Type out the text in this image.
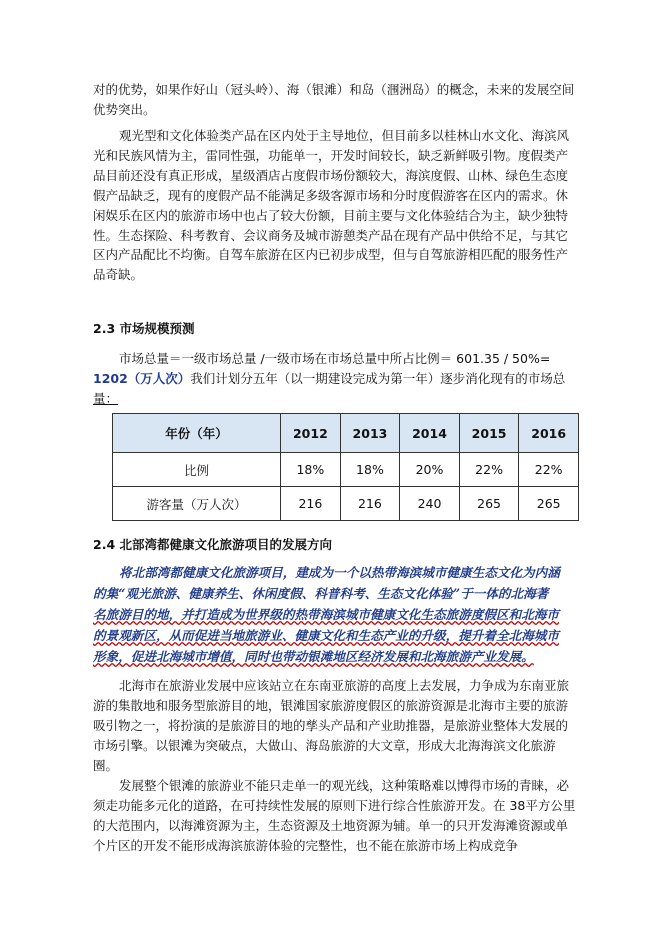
对的优势，如果作好山（冠头岭）、海（银滩）和岛（涠洲岛）的概念，未来的发展空间优势突出。

观光型和文化体验类产品在区内处于主导地位，但目前多以桂林山水文化、海滨风光和民族风情为主，雷同性强，功能单一，开发时间较长，缺乏新鲜吸引物。度假类产品目前还没有真正形成，星级酒店占度假市场份额较大，海滨度假、山林、绿色生态度假产品缺乏，现有的度假产品不能满足多级客源市场和分时度假游客在区内的需求。休闲娱乐在区内的旅游市场中也占了较大份额，目前主要与文化体验结合为主，缺少独特性。生态探险、科考教育、会议商务及城市游憩类产品在现有产品中供给不足，与其它区内产品配比不均衡。自驾车旅游在区内已初步成型，但与自驾旅游相匹配的服务性产品奇缺。

2.3 市场规模预测

市场总量＝一级市场总量 /一级市场在市场总量中所占比例＝ 601.35 / 50%=
1202（万人次）我们计划分五年（以一期建设完成为第一年）逐步消化现有的市场总
量：

年份（年）	2012	2013	2014	2015	2016
比例	18%	18%	20%	22%	22%
游客量（万人次）	216	216	240	265	265

2.4 北部湾都健康文化旅游项目的发展方向

将北部湾都健康文化旅游项目，建成为一个以热带海滨城市健康生态文化为内涵
的集“观光旅游、健康养生、休闲度假、科普科考、生态文化体验”于一体的北海著
名旅游目的地，并打造成为世界级的热带海滨城市健康文化生态旅游度假区和北海市
的景观新区，从而促进当地旅游业、健康文化和生态产业的升级，提升着全北海城市
形象，促进北海城市增值，同时也带动银滩地区经济发展和北海旅游产业发展。

北海市在旅游业发展中应该站立在东南亚旅游的高度上去发展，力争成为东南亚旅游的集散地和服务型旅游目的地，银滩国家旅游度假区的旅游资源是北海市主要的旅游吸引物之一，将扮演的是旅游目的地的孳头产品和产业助推器，是旅游业整体大发展的市场引擎。以银滩为突破点，大做山、海岛旅游的大文章，形成大北海海滨文化旅游圈。

发展整个银滩的旅游业不能只走单一的观光线，这种策略难以博得市场的青睐，必须走功能多元化的道路，在可持续性发展的原则下进行综合性旅游开发。在 38平方公里的大范围内，以海滩资源为主，生态资源及土地资源为辅。单一的只开发海滩资源或单个片区的开发不能形成海滨旅游体验的完整性，也不能在旅游市场上构成竞争
